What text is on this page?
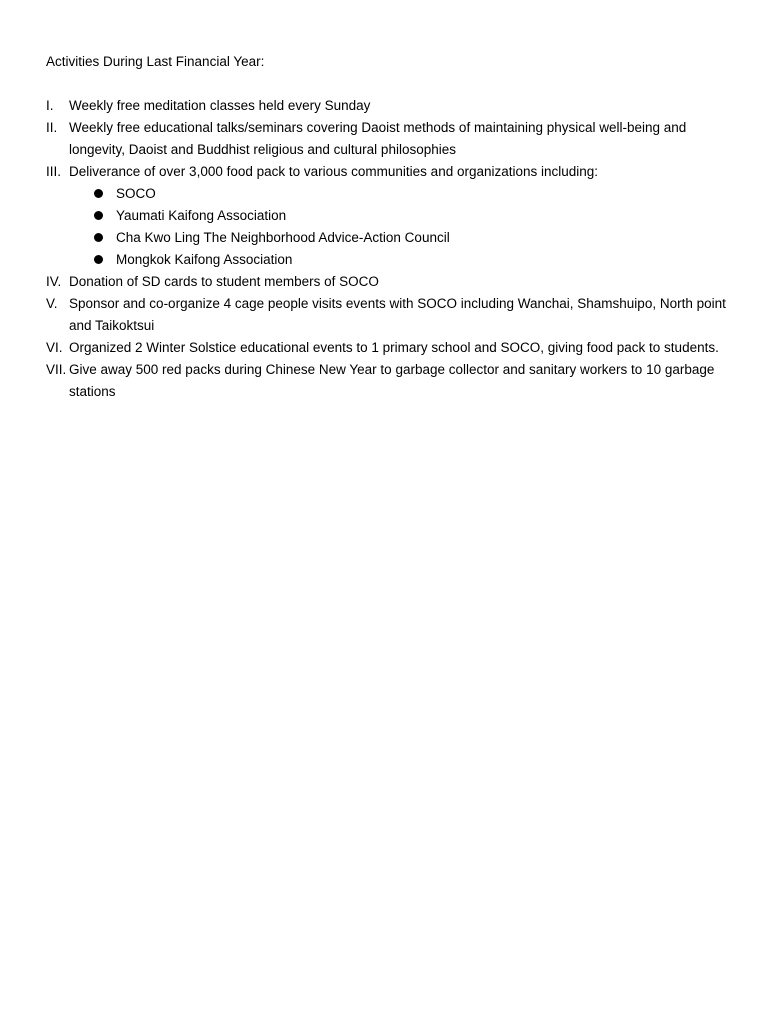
Activities During Last Financial Year:

I.	Weekly free meditation classes held every Sunday
II. Weekly free educational talks/seminars covering Daoist methods of maintaining physical well-being and longevity, Daoist and Buddhist religious and cultural philosophies
III. Deliverance of over 3,000 food pack to various communities and organizations including:
SOCO
Yaumati Kaifong Association
Cha Kwo Ling The Neighborhood Advice-Action Council
Mongkok Kaifong Association
IV. Donation of SD cards to student members of SOCO
V. Sponsor and co-organize 4 cage people visits events with SOCO including Wanchai, Shamshuipo, North point and Taikoktsui
VI. Organized 2 Winter Solstice educational events to 1 primary school and SOCO, giving food pack to students.
VII. Give away 500 red packs during Chinese New Year to garbage collector and sanitary workers to 10 garbage stations
